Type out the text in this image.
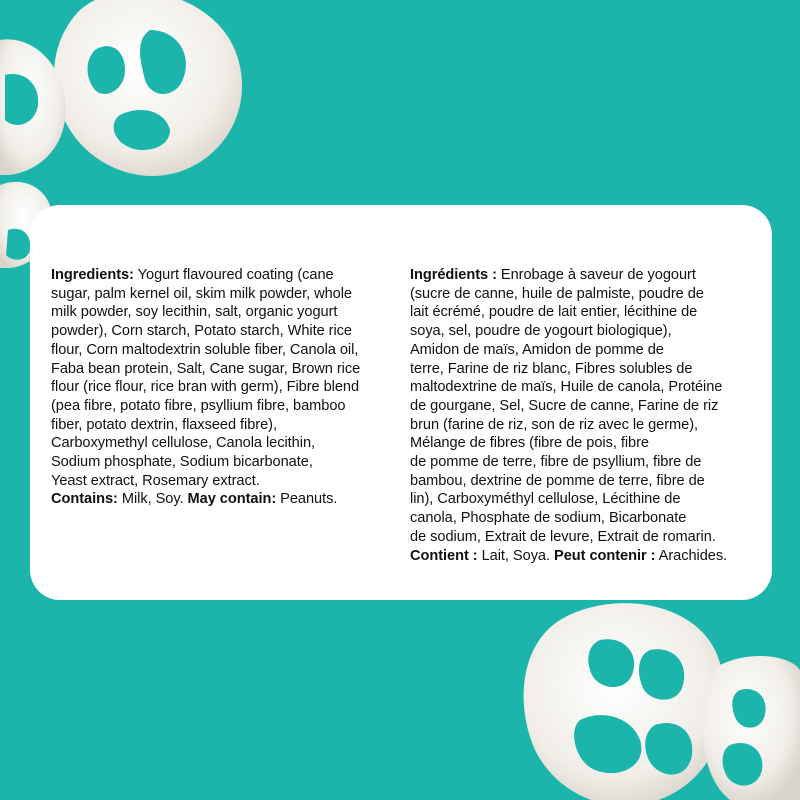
Ingredients: Yogurt flavoured coating (cane
sugar, palm kernel oil, skim milk powder, whole
milk powder, soy lecithin, salt, organic yogurt
powder), Corn starch, Potato starch, White rice
flour, Corn maltodextrin soluble fiber, Canola oil,
Faba bean protein, Salt, Cane sugar, Brown rice
flour (rice flour, rice bran with germ), Fibre blend
(pea fibre, potato fibre, psyllium fibre, bamboo
fiber, potato dextrin, flaxseed fibre),
Carboxymethyl cellulose, Canola lecithin,
Sodium phosphate, Sodium bicarbonate,
Yeast extract, Rosemary extract.
Contains: Milk, Soy. May contain: Peanuts.
Ingrédients : Enrobage à saveur de yogourt
(sucre de canne, huile de palmiste, poudre de
lait écrémé, poudre de lait entier, lécithine de
soya, sel, poudre de yogourt biologique),
Amidon de maïs, Amidon de pomme de
terre, Farine de riz blanc, Fibres solubles de
maltodextrine de maïs, Huile de canola, Protéine
de gourgane, Sel, Sucre de canne, Farine de riz
brun (farine de riz, son de riz avec le germe),
Mélange de fibres (fibre de pois, fibre
de pomme de terre, fibre de psyllium, fibre de
bambou, dextrine de pomme de terre, fibre de
lin), Carboxyméthyl cellulose, Lécithine de
canola, Phosphate de sodium, Bicarbonate
de sodium, Extrait de levure, Extrait de romarin.
Contient : Lait, Soya. Peut contenir : Arachides.
